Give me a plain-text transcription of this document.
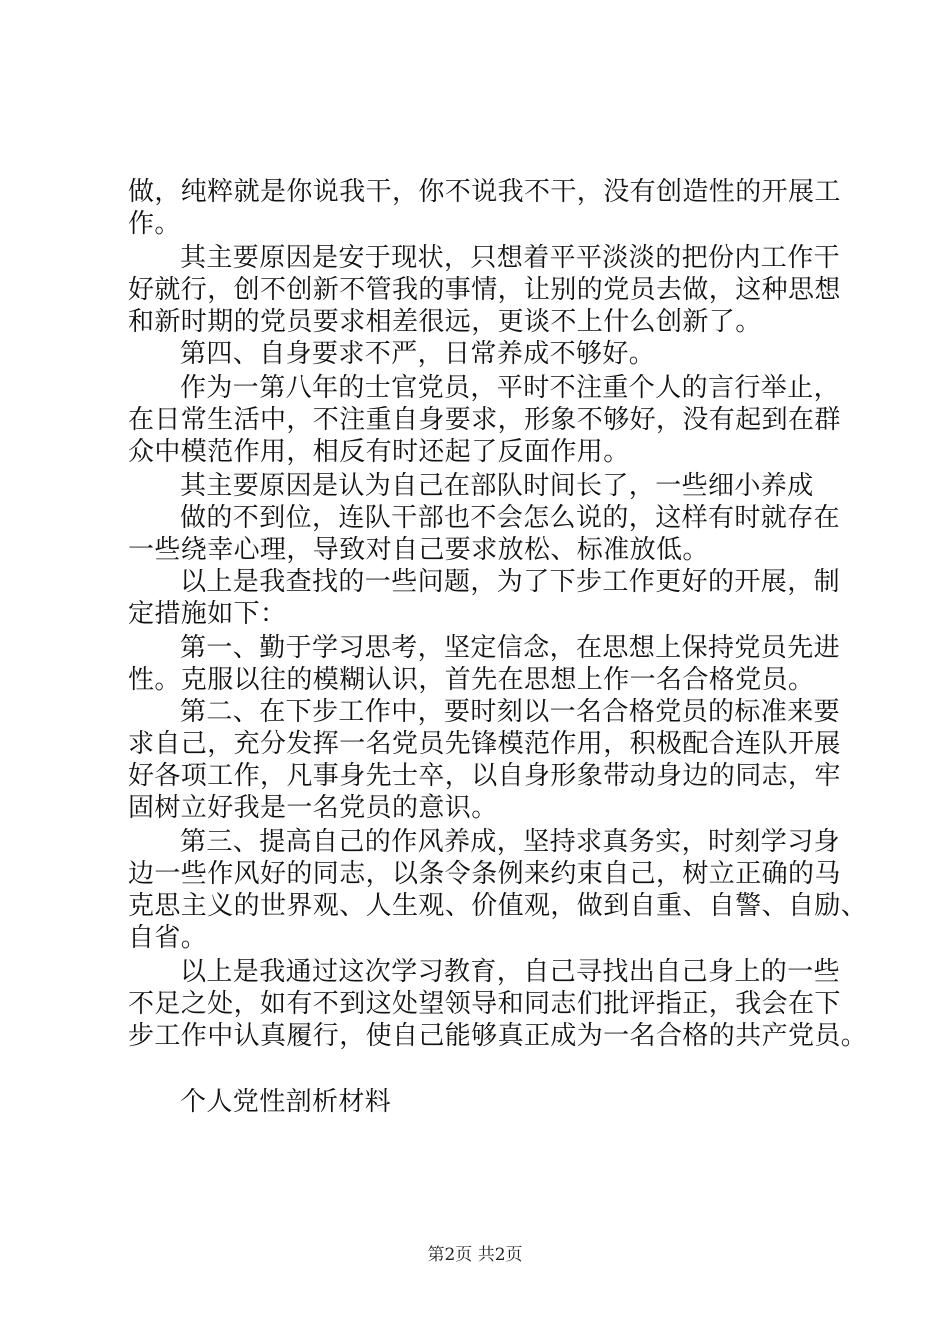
做，纯粹就是你说我干，你不说我不干，没有创造性的开展工
作。
其主要原因是安于现状，只想着平平淡淡的把份内工作干
好就行，创不创新不管我的事情，让别的党员去做，这种思想
和新时期的党员要求相差很远，更谈不上什么创新了。
第四、自身要求不严，日常养成不够好。
作为一第八年的士官党员，平时不注重个人的言行举止，
在日常生活中，不注重自身要求，形象不够好，没有起到在群
众中模范作用，相反有时还起了反面作用。
其主要原因是认为自己在部队时间长了，一些细小养成
做的不到位，连队干部也不会怎么说的，这样有时就存在
一些绕幸心理，导致对自己要求放松、标准放低。
以上是我查找的一些问题，为了下步工作更好的开展，制
定措施如下：
第一、勤于学习思考，坚定信念，在思想上保持党员先进
性。克服以往的模糊认识，首先在思想上作一名合格党员。
第二、在下步工作中，要时刻以一名合格党员的标准来要
求自己，充分发挥一名党员先锋模范作用，积极配合连队开展
好各项工作，凡事身先士卒，以自身形象带动身边的同志，牢
固树立好我是一名党员的意识。
第三、提高自己的作风养成，坚持求真务实，时刻学习身
边一些作风好的同志，以条令条例来约束自己，树立正确的马
克思主义的世界观、人生观、价值观，做到自重、自警、自励、
自省。
以上是我通过这次学习教育，自己寻找出自己身上的一些
不足之处，如有不到这处望领导和同志们批评指正，我会在下
步工作中认真履行，使自己能够真正成为一名合格的共产党员。
个人党性剖析材料
第2页 共2页
